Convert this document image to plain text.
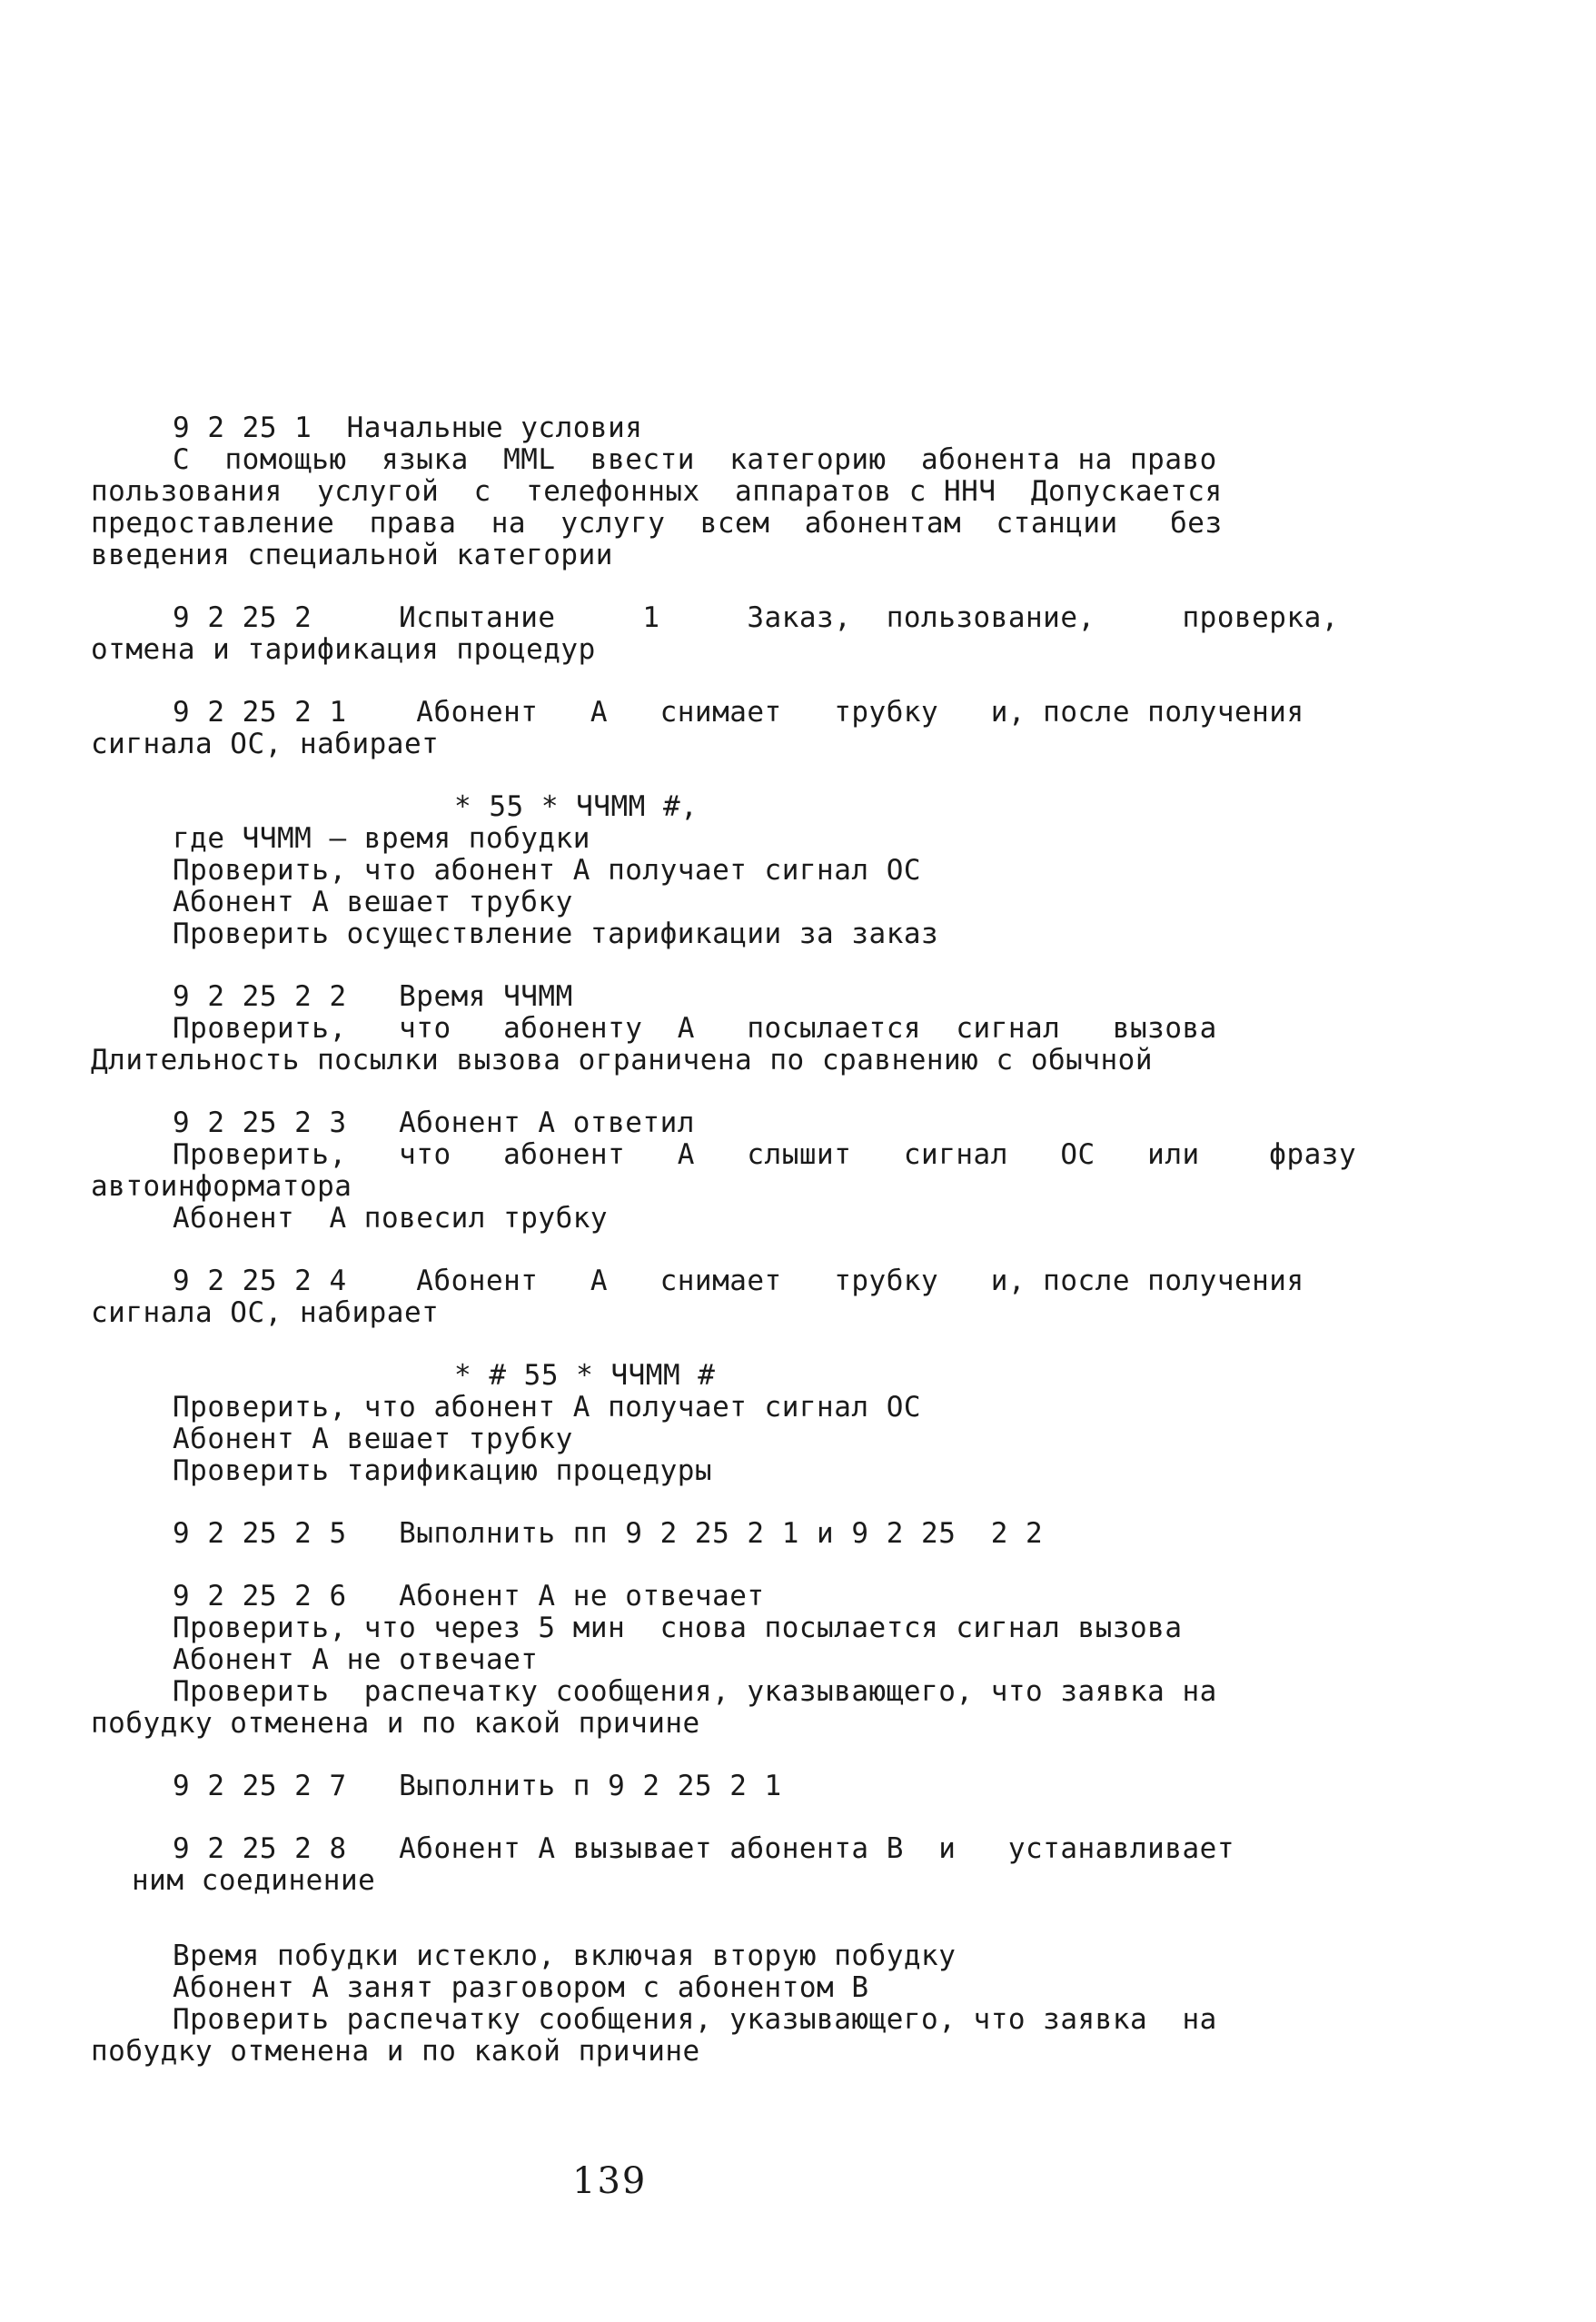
9 2 25 1  Начальные условия
С  помощью  языка  MML  ввести  категорию  абонента на право
пользования  услугой  с  телефонных  аппаратов с ННЧ  Допускается
предоставление  права  на  услугу  всем  абонентам  станции   без
введения специальной категории
9 2 25 2     Испытание     1     Заказ,  пользование,     проверка,
отмена и тарификация процедур
9 2 25 2 1    Абонент   А   снимает   трубку   и, после получения
сигнала ОС, набирает
* 55 * ЧЧММ #,
где ЧЧММ – время побудки
Проверить, что абонент А получает сигнал ОС
Абонент А вешает трубку
Проверить осуществление тарификации за заказ
9 2 25 2 2   Время ЧЧММ
Проверить,   что   абоненту  А   посылается  сигнал   вызова
Длительность посылки вызова ограничена по сравнению с обычной
9 2 25 2 3   Абонент А ответил
Проверить,   что   абонент   А   слышит   сигнал   ОС   или    фразу
автоинформатора
Абонент  А повесил трубку
9 2 25 2 4    Абонент   А   снимает   трубку   и, после получения
сигнала ОС, набирает
* # 55 * ЧЧММ #
Проверить, что абонент А получает сигнал ОС
Абонент А вешает трубку
Проверить тарификацию процедуры
9 2 25 2 5   Выполнить пп 9 2 25 2 1 и 9 2 25  2 2
9 2 25 2 6   Абонент А не отвечает
Проверить, что через 5 мин  снова посылается сигнал вызова
Абонент А не отвечает
Проверить  распечатку сообщения, указывающего, что заявка на
побудку отменена и по какой причине
9 2 25 2 7   Выполнить п 9 2 25 2 1
9 2 25 2 8   Абонент А вызывает абонента В  и   устанавливает
ним соединение
Время побудки истекло, включая вторую побудку
Абонент А занят разговором с абонентом В
Проверить распечатку сообщения, указывающего, что заявка  на
побудку отменена и по какой причине
139
